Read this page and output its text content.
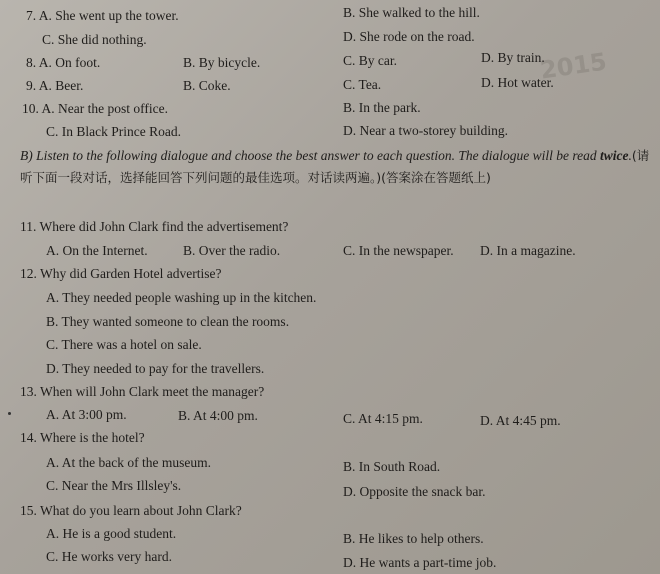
2015
7. A. She went up the tower.	B. She walked to the hill.
C. She did nothing.	D. She rode on the road.
8. A. On foot.	B. By bicycle.	C. By car.	D. By train.
9. A. Beer.	B. Coke.	C. Tea.	D. Hot water.
10. A. Near the post office.	B. In the park.
C. In Black Prince Road.	D. Near a two-storey building.
B) Listen to the following dialogue and choose the best answer to each question. The dialogue will be read twice.(请听下面一段对话，选择能回答下列问题的最佳选项。对话读两遍。)(答案涂在答题纸上)
11. Where did John Clark find the advertisement?
A. On the Internet.	B. Over the radio.	C. In the newspaper. D. In a magazine.
12. Why did Garden Hotel advertise?
A. They needed people washing up in the kitchen.
B. They wanted someone to clean the rooms.
C. There was a hotel on sale.
D. They needed to pay for the travellers.
13. When will John Clark meet the manager?
A. At 3:00 pm.	B. At 4:00 pm.	C. At 4:15 pm.	D. At 4:45 pm.
14. Where is the hotel?
A. At the back of the museum.	B. In South Road.
C. Near the Mrs Illsley's.	D. Opposite the snack bar.
15. What do you learn about John Clark?
A. He is a good student.	B. He likes to help others.
C. He works very hard.	D. He wants a part-time job.
